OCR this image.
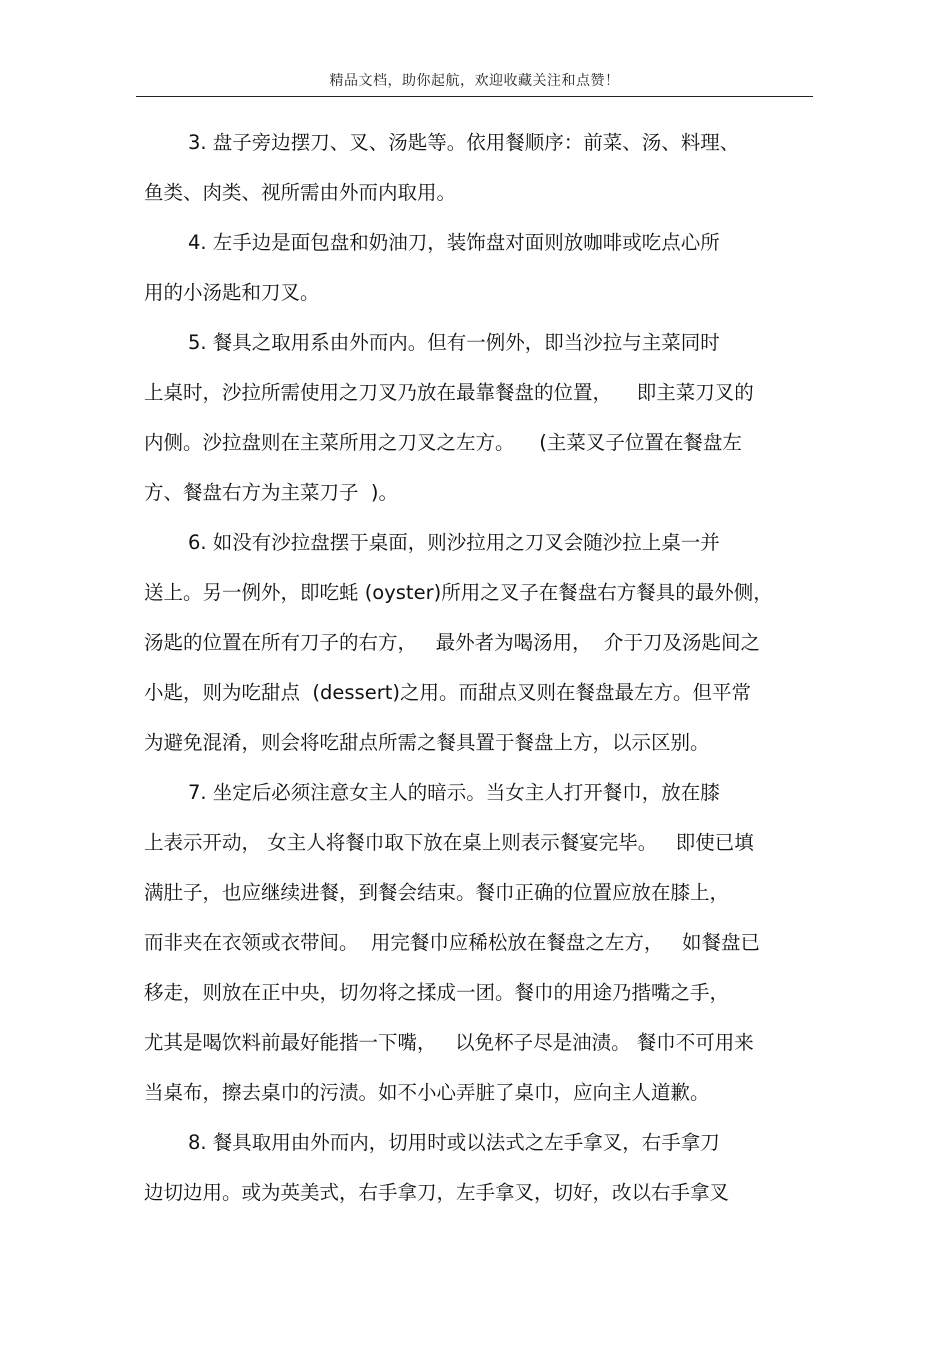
精品文档，助你起航，欢迎收藏关注和点赞！
3. 盘子旁边摆刀、叉、汤匙等。依用餐顺序：前菜、汤、料理、
鱼类、肉类、视所需由外而内取用。
4. 左手边是面包盘和奶油刀，装饰盘对面则放咖啡或吃点心所
用的小汤匙和刀叉。
5. 餐具之取用系由外而内。但有一例外，即当沙拉与主菜同时
上桌时，沙拉所需使用之刀叉乃放在最靠餐盘的位置，    即主菜刀叉的
内侧。沙拉盘则在主菜所用之刀叉之左方。    (主菜叉子位置在餐盘左
方、餐盘右方为主菜刀子  )。
6. 如没有沙拉盘摆于桌面，则沙拉用之刀叉会随沙拉上桌一并
送上。另一例外，即吃蚝 (oyster)所用之叉子在餐盘右方餐具的最外侧，
汤匙的位置在所有刀子的右方，   最外者为喝汤用，  介于刀及汤匙间之
小匙，则为吃甜点  (dessert)之用。而甜点叉则在餐盘最左方。但平常
为避免混淆，则会将吃甜点所需之餐具置于餐盘上方，以示区别。
7. 坐定后必须注意女主人的暗示。当女主人打开餐巾，放在膝
上表示开动， 女主人将餐巾取下放在桌上则表示餐宴完毕。   即使已填
满肚子，也应继续进餐，到餐会结束。餐巾正确的位置应放在膝上，
而非夹在衣领或衣带间。  用完餐巾应稀松放在餐盘之左方，   如餐盘已
移走，则放在正中央，切勿将之揉成一团。餐巾的用途乃揩嘴之手，
尤其是喝饮料前最好能揩一下嘴，   以免杯子尽是油渍。 餐巾不可用来
当桌布，擦去桌巾的污渍。如不小心弄脏了桌巾，应向主人道歉。
8. 餐具取用由外而内，切用时或以法式之左手拿叉，右手拿刀
边切边用。或为英美式，右手拿刀，左手拿叉，切好，改以右手拿叉
